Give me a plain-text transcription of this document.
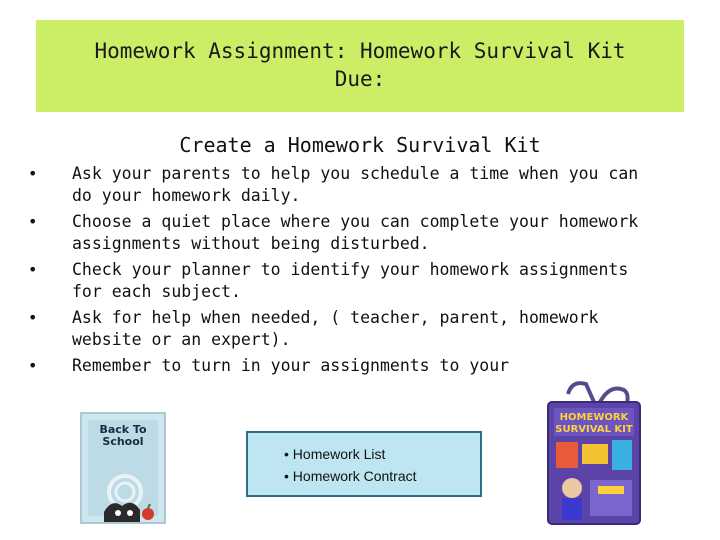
Homework Assignment: Homework Survival Kit
Due:
Create a Homework Survival Kit
• Ask your parents to help you schedule a time when you can
do your homework daily.
• Choose a quiet place where you can complete your homework
assignments without being disturbed.
• Check your planner to identify your homework assignments
for each subject.
• Ask for help when needed, ( teacher, parent, homework
website or an expert).
• Remember to turn in your assignments to your
Back To School
• Homework List
• Homework Contract
HOMEWORK
SURVIVAL KIT
